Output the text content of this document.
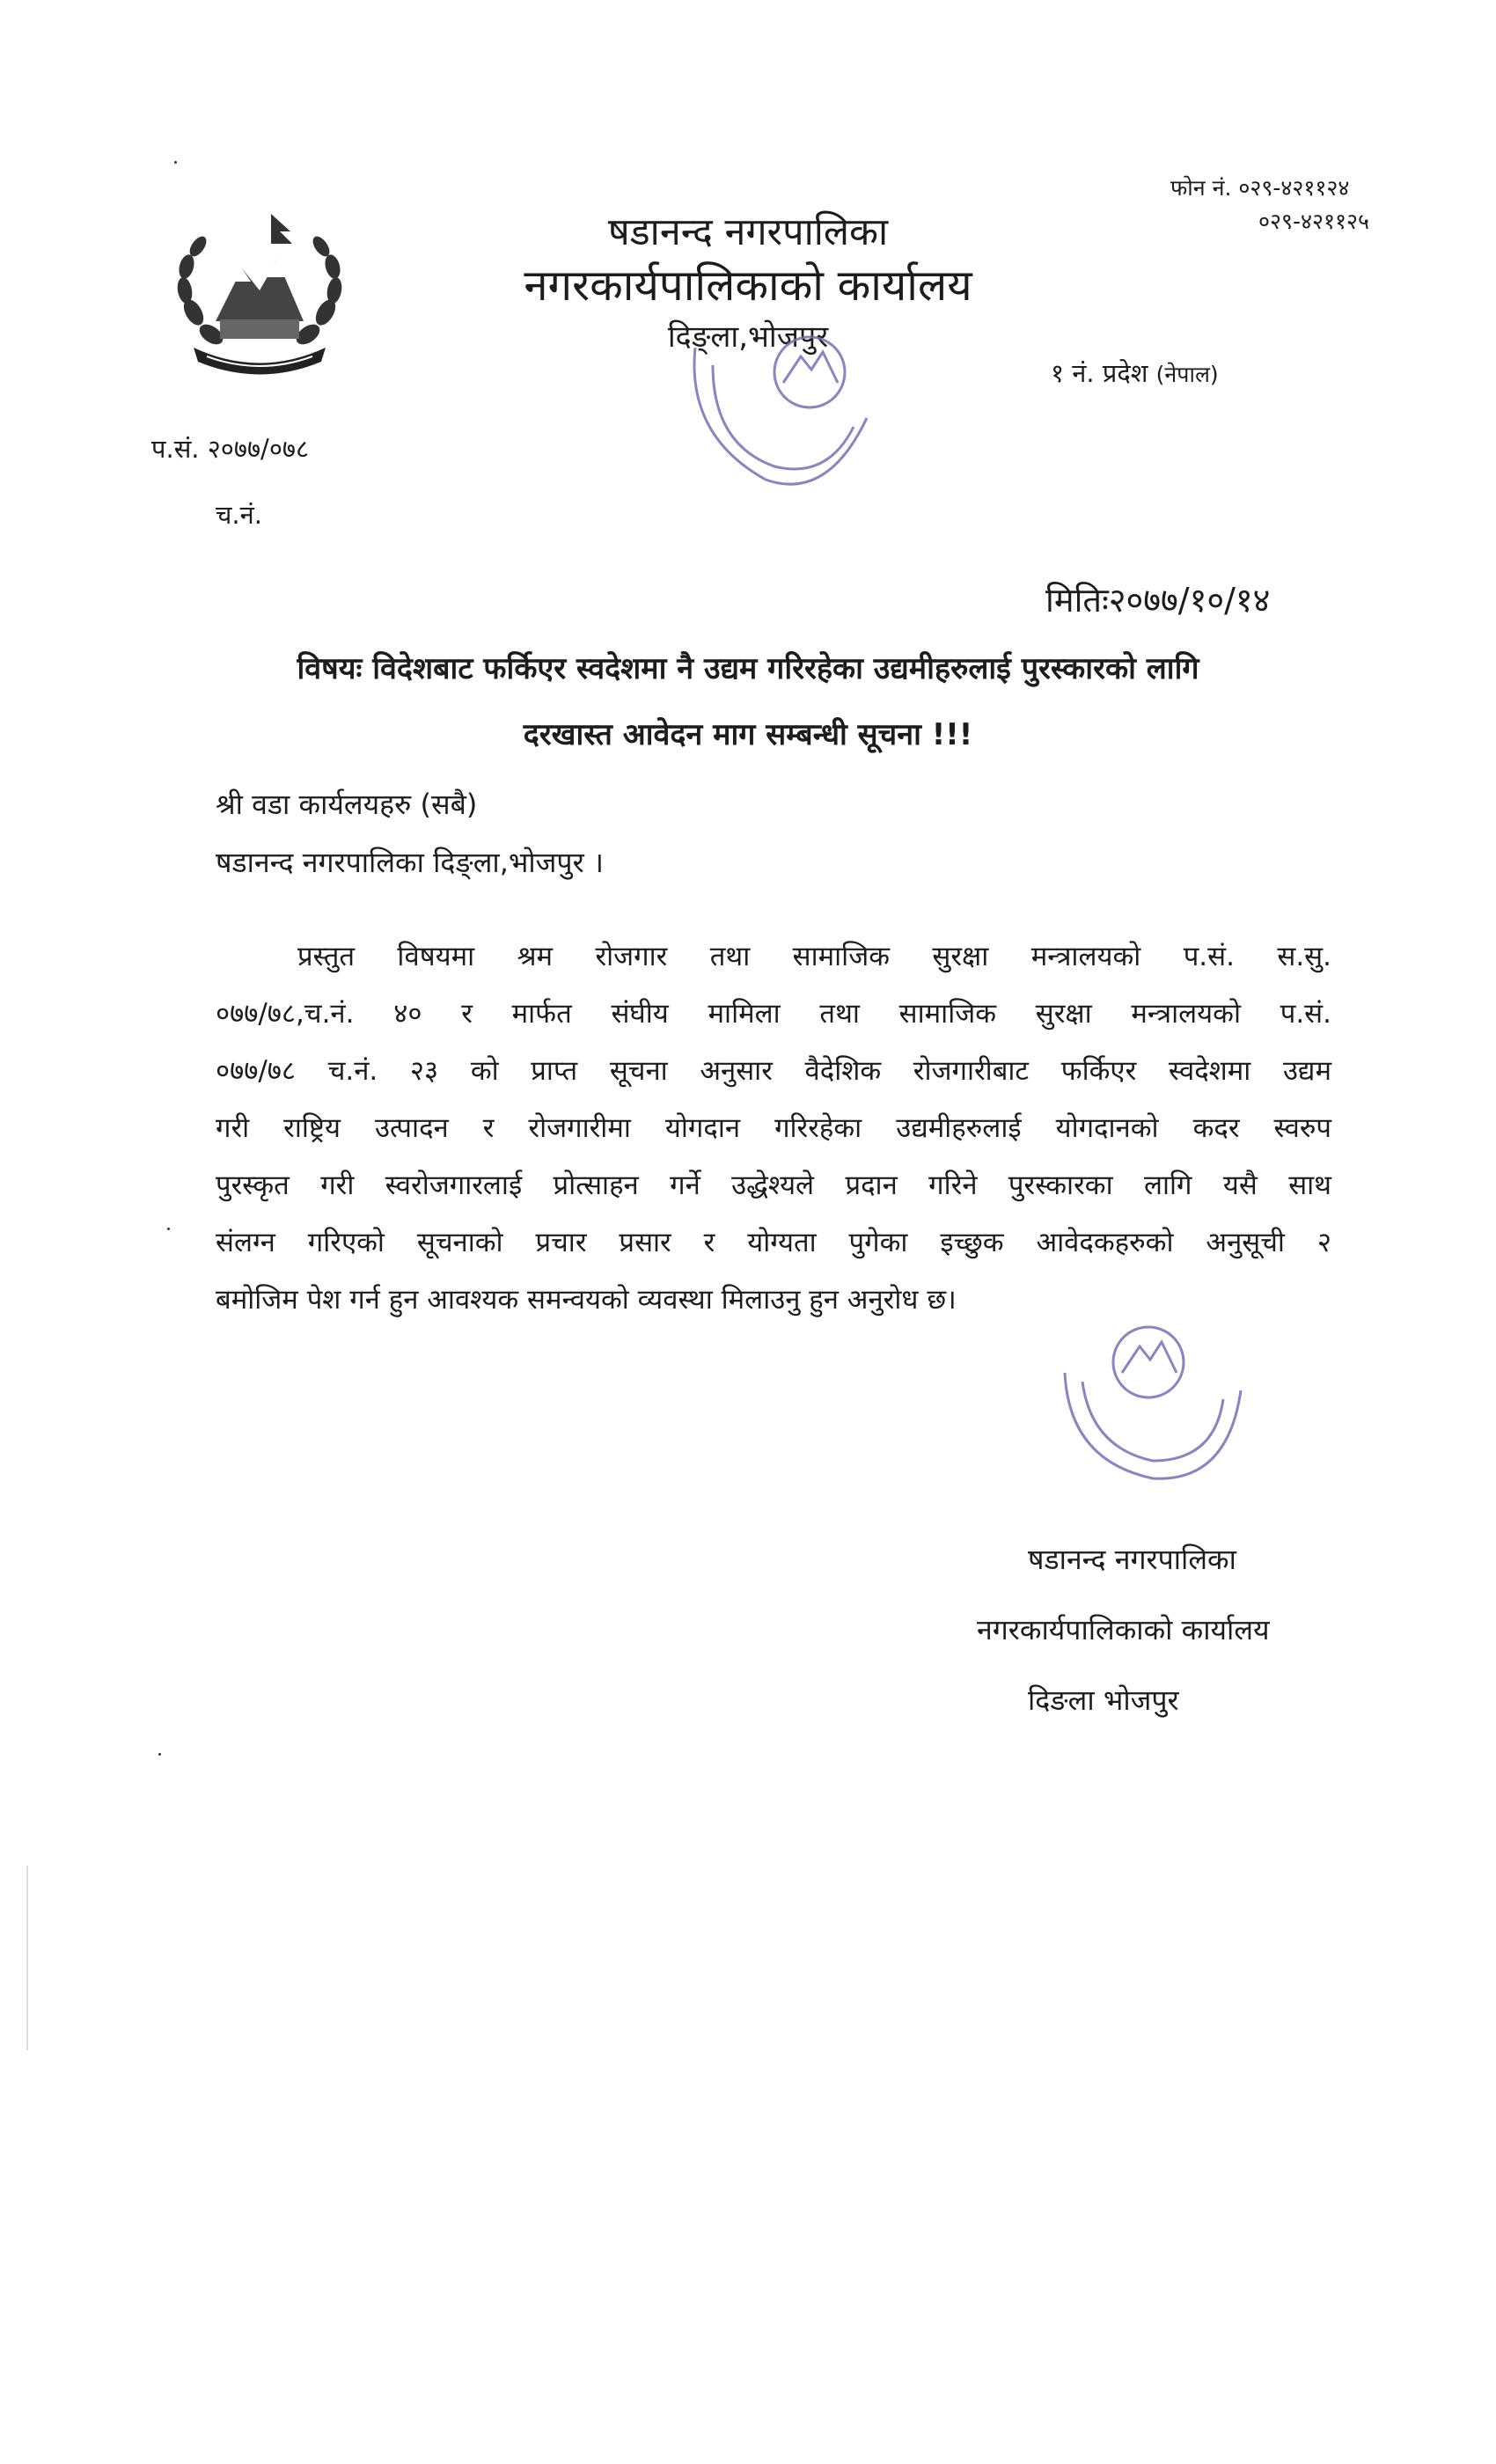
षडानन्द नगरपालिका
नगरकार्यपालिकाको कार्यालय
दिङ्ला,भोजपुर
फोन नं. ०२९-४२११२४
०२९-४२११२५
१ नं. प्रदेश (नेपाल)
प.सं. २०७७/०७८
च.नं.
मितिः२०७७/१०/१४
विषयः विदेशबाट फर्किएर स्वदेशमा नै उद्यम गरिरहेका उद्यमीहरुलाई पुरस्कारको लागि
दरखास्त आवेदन माग सम्बन्धी सूचना !!!
श्री वडा कार्यलयहरु (सबै)
षडानन्द नगरपालिका दिङ्ला,भोजपुर ।
प्रस्तुत विषयमा श्रम रोजगार तथा सामाजिक सुरक्षा मन्त्रालयको प.सं. स.सु.
०७७/७८,च.नं. ४० र मार्फत संघीय मामिला तथा सामाजिक सुरक्षा मन्त्रालयको प.सं.
०७७/७८ च.नं. २३ को प्राप्त सूचना अनुसार वैदेशिक रोजगारीबाट फर्किएर स्वदेशमा उद्यम
गरी राष्ट्रिय उत्पादन र रोजगारीमा योगदान गरिरहेका उद्यमीहरुलाई योगदानको कदर स्वरुप
पुरस्कृत गरी स्वरोजगारलाई प्रोत्साहन गर्ने उद्धेश्यले प्रदान गरिने पुरस्कारका लागि यसै साथ
संलग्न गरिएको सूचनाको प्रचार प्रसार र योग्यता पुगेका इच्छुक आवेदकहरुको अनुसूची २
बमोजिम पेश गर्न हुन आवश्यक समन्वयको व्यवस्था मिलाउनु हुन अनुरोध छ।
षडानन्द नगरपालिका
नगरकार्यपालिकाको कार्यालय
दिङला भोजपुर
